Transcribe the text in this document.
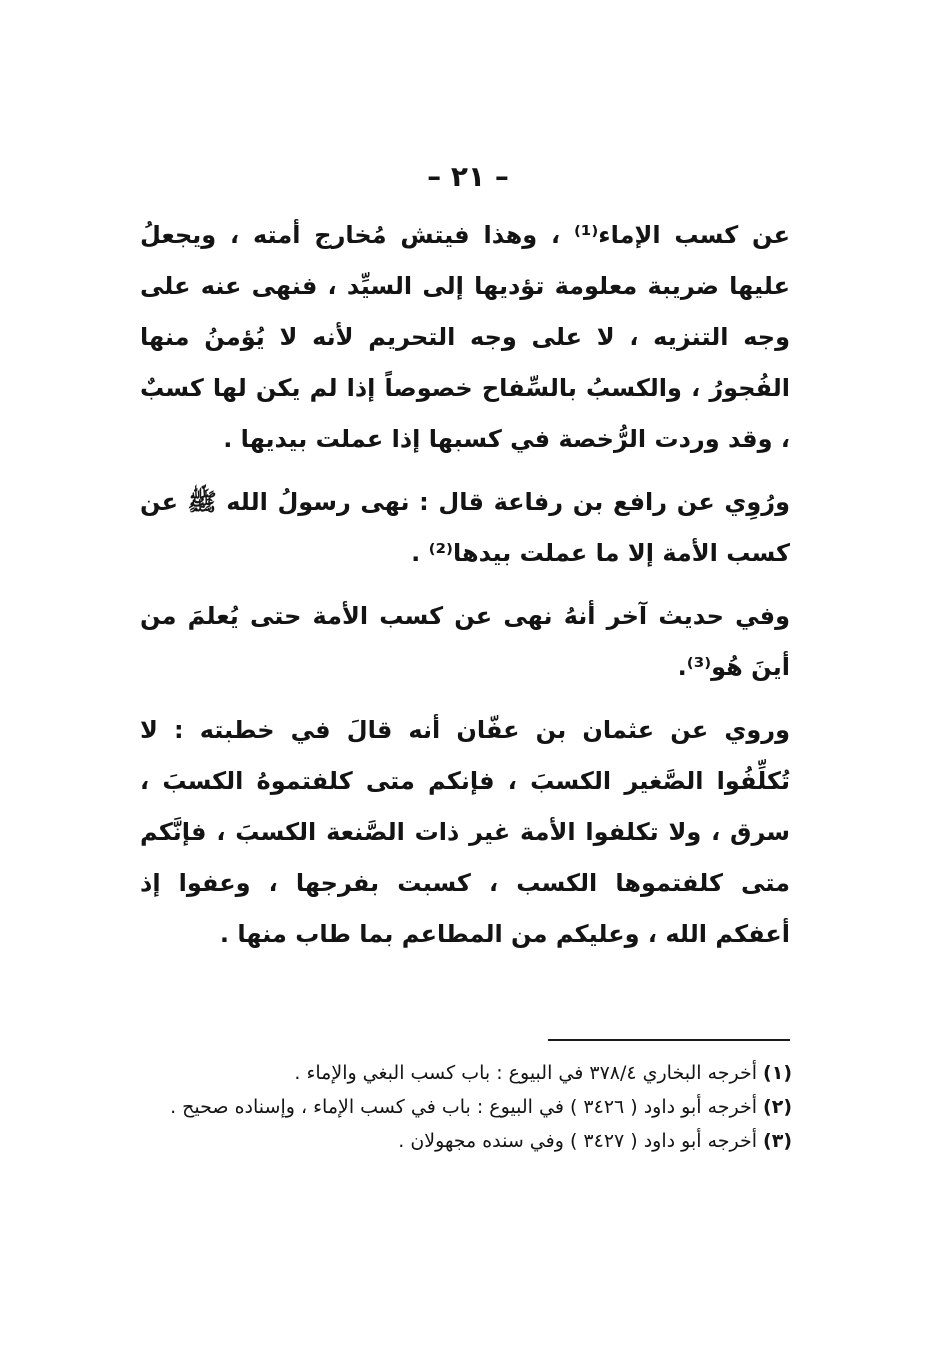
– ٢١ –

عن كسب الإماء⁽¹⁾ ، وهذا فيتش مُخارج أمته ، ويجعلُ عليها ضريبة معلومة تؤديها إلى السيِّد ، فنهى عنه على وجه التنزيه ، لا على وجه التحريم لأنه لا يُؤمنُ منها الفُجورُ ، والكسبُ بالسِّفاح خصوصاً إذا لم يكن لها كسبٌ ، وقد وردت الرُّخصة في كسبها إذا عملت بيديها .

ورُوِي عن رافع بن رفاعة قال : نهى رسولُ الله ﷺ عن كسب الأمة إلا ما عملت بيدها⁽²⁾ .

وفي حديث آخر أنهُ نهى عن كسب الأمة حتى يُعلمَ من أينَ هُو⁽³⁾.

وروي عن عثمان بن عفّان أنه قالَ في خطبته : لا تُكلِّفُوا الصَّغير الكسبَ ، فإنكم متى كلفتموهُ الكسبَ ، سرق ، ولا تكلفوا الأمة غير ذات الصَّنعة الكسبَ ، فإنَّكم متى كلفتموها الكسب ، كسبت بفرجها ، وعفوا إذ أعفكم الله ، وعليكم من المطاعم بما طاب منها .

(١)أخرجه البخاري ٣٧٨/٤ في البيوع : باب كسب البغي والإماء .

(٢)أخرجه أبو داود ( ٣٤٢٦ ) في البيوع : باب في كسب الإماء ، وإسناده صحيح .

(٣)أخرجه أبو داود ( ٣٤٢٧ ) وفي سنده مجهولان .
